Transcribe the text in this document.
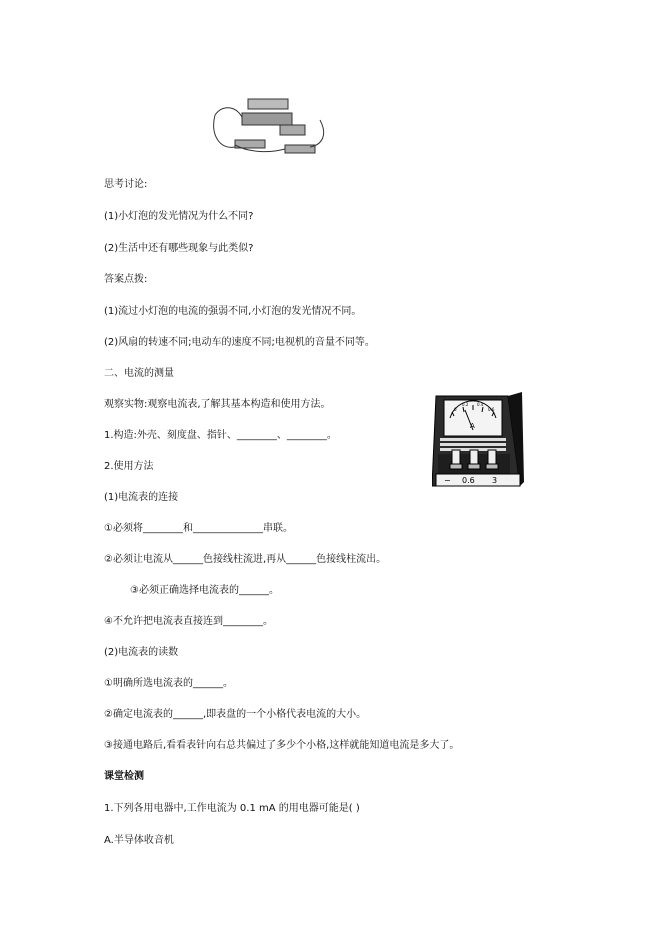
思考讨论:
(1)小灯泡的发光情况为什么不同?
(2)生活中还有哪些现象与此类似?
答案点拨:
(1)流过小灯泡的电流的强弱不同,小灯泡的发光情况不同。
(2)风扇的转速不同;电动车的速度不同;电视机的音量不同等。
二、电流的测量
观察实物:观察电流表,了解其基本构造和使用方法。
1.构造:外壳、刻度盘、指针、________、________。
2.使用方法
(1)电流表的连接
①必须将________和______________串联。
②必须让电流从______色接线柱流进,再从______色接线柱流出。
③必须正确选择电流表的______。
④不允许把电流表直接连到________。
(2)电流表的读数
①明确所选电流表的______。
②确定电流表的______,即表盘的一个小格代表电流的大小。
③接通电路后,看看表针向右总共偏过了多少个小格,这样就能知道电流是多大了。
课堂检测
1.下列各用电器中,工作电流为 0.1 mA 的用电器可能是( )
A.半导体收音机
0
0.2 0.4
0.6
A
− 0.6 3
